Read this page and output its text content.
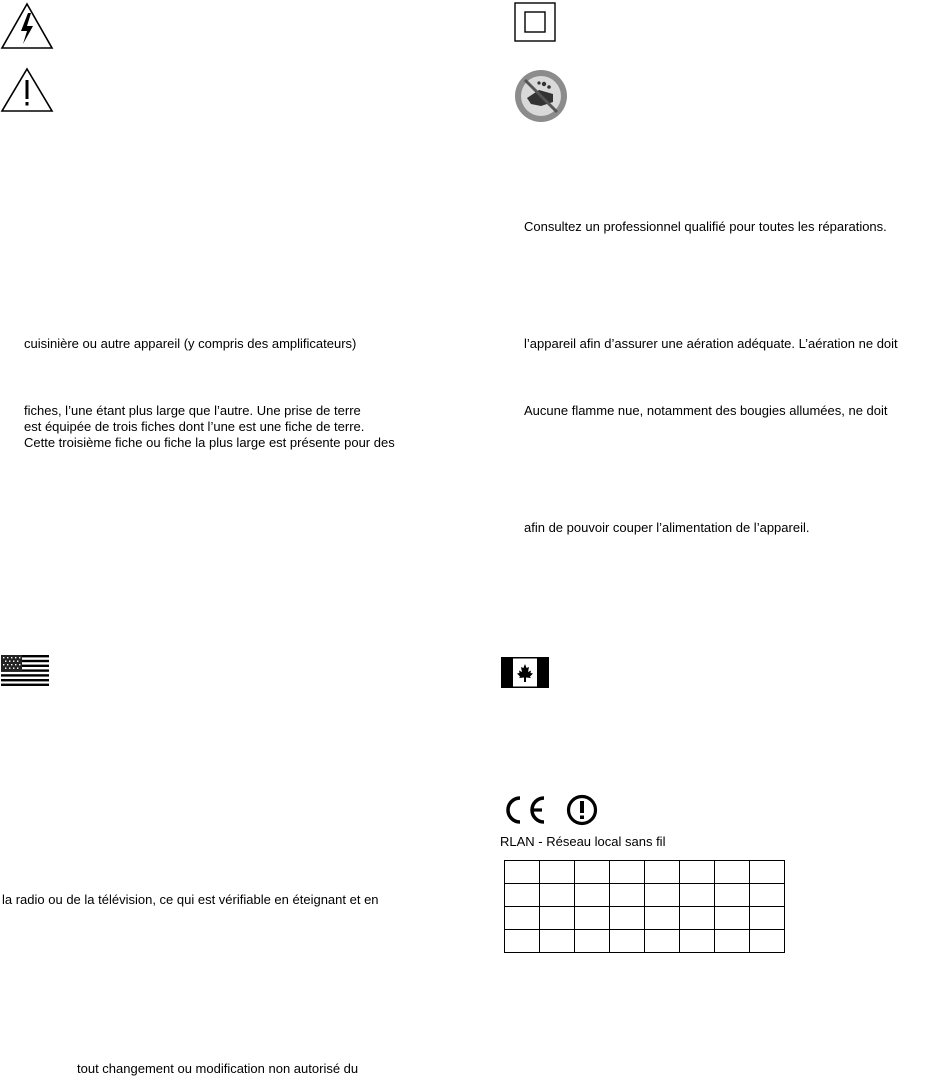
cuisinière ou autre appareil (y compris des amplificateurs)
fiches, l’une étant plus large que l’autre. Une prise de terre
est équipée de trois fiches dont l’une est une fiche de terre.
Cette troisième fiche ou fiche la plus large est présente pour des
Consultez un professionnel qualifié pour toutes les réparations.
l’appareil afin d’assurer une aération adéquate. L’aération ne doit
Aucune flamme nue, notamment des bougies allumées, ne doit
afin de pouvoir couper l’alimentation de l’appareil.
RLAN - Réseau local sans fil

la radio ou de la télévision, ce qui est vérifiable en éteignant et en
tout changement ou modification non autorisé du
